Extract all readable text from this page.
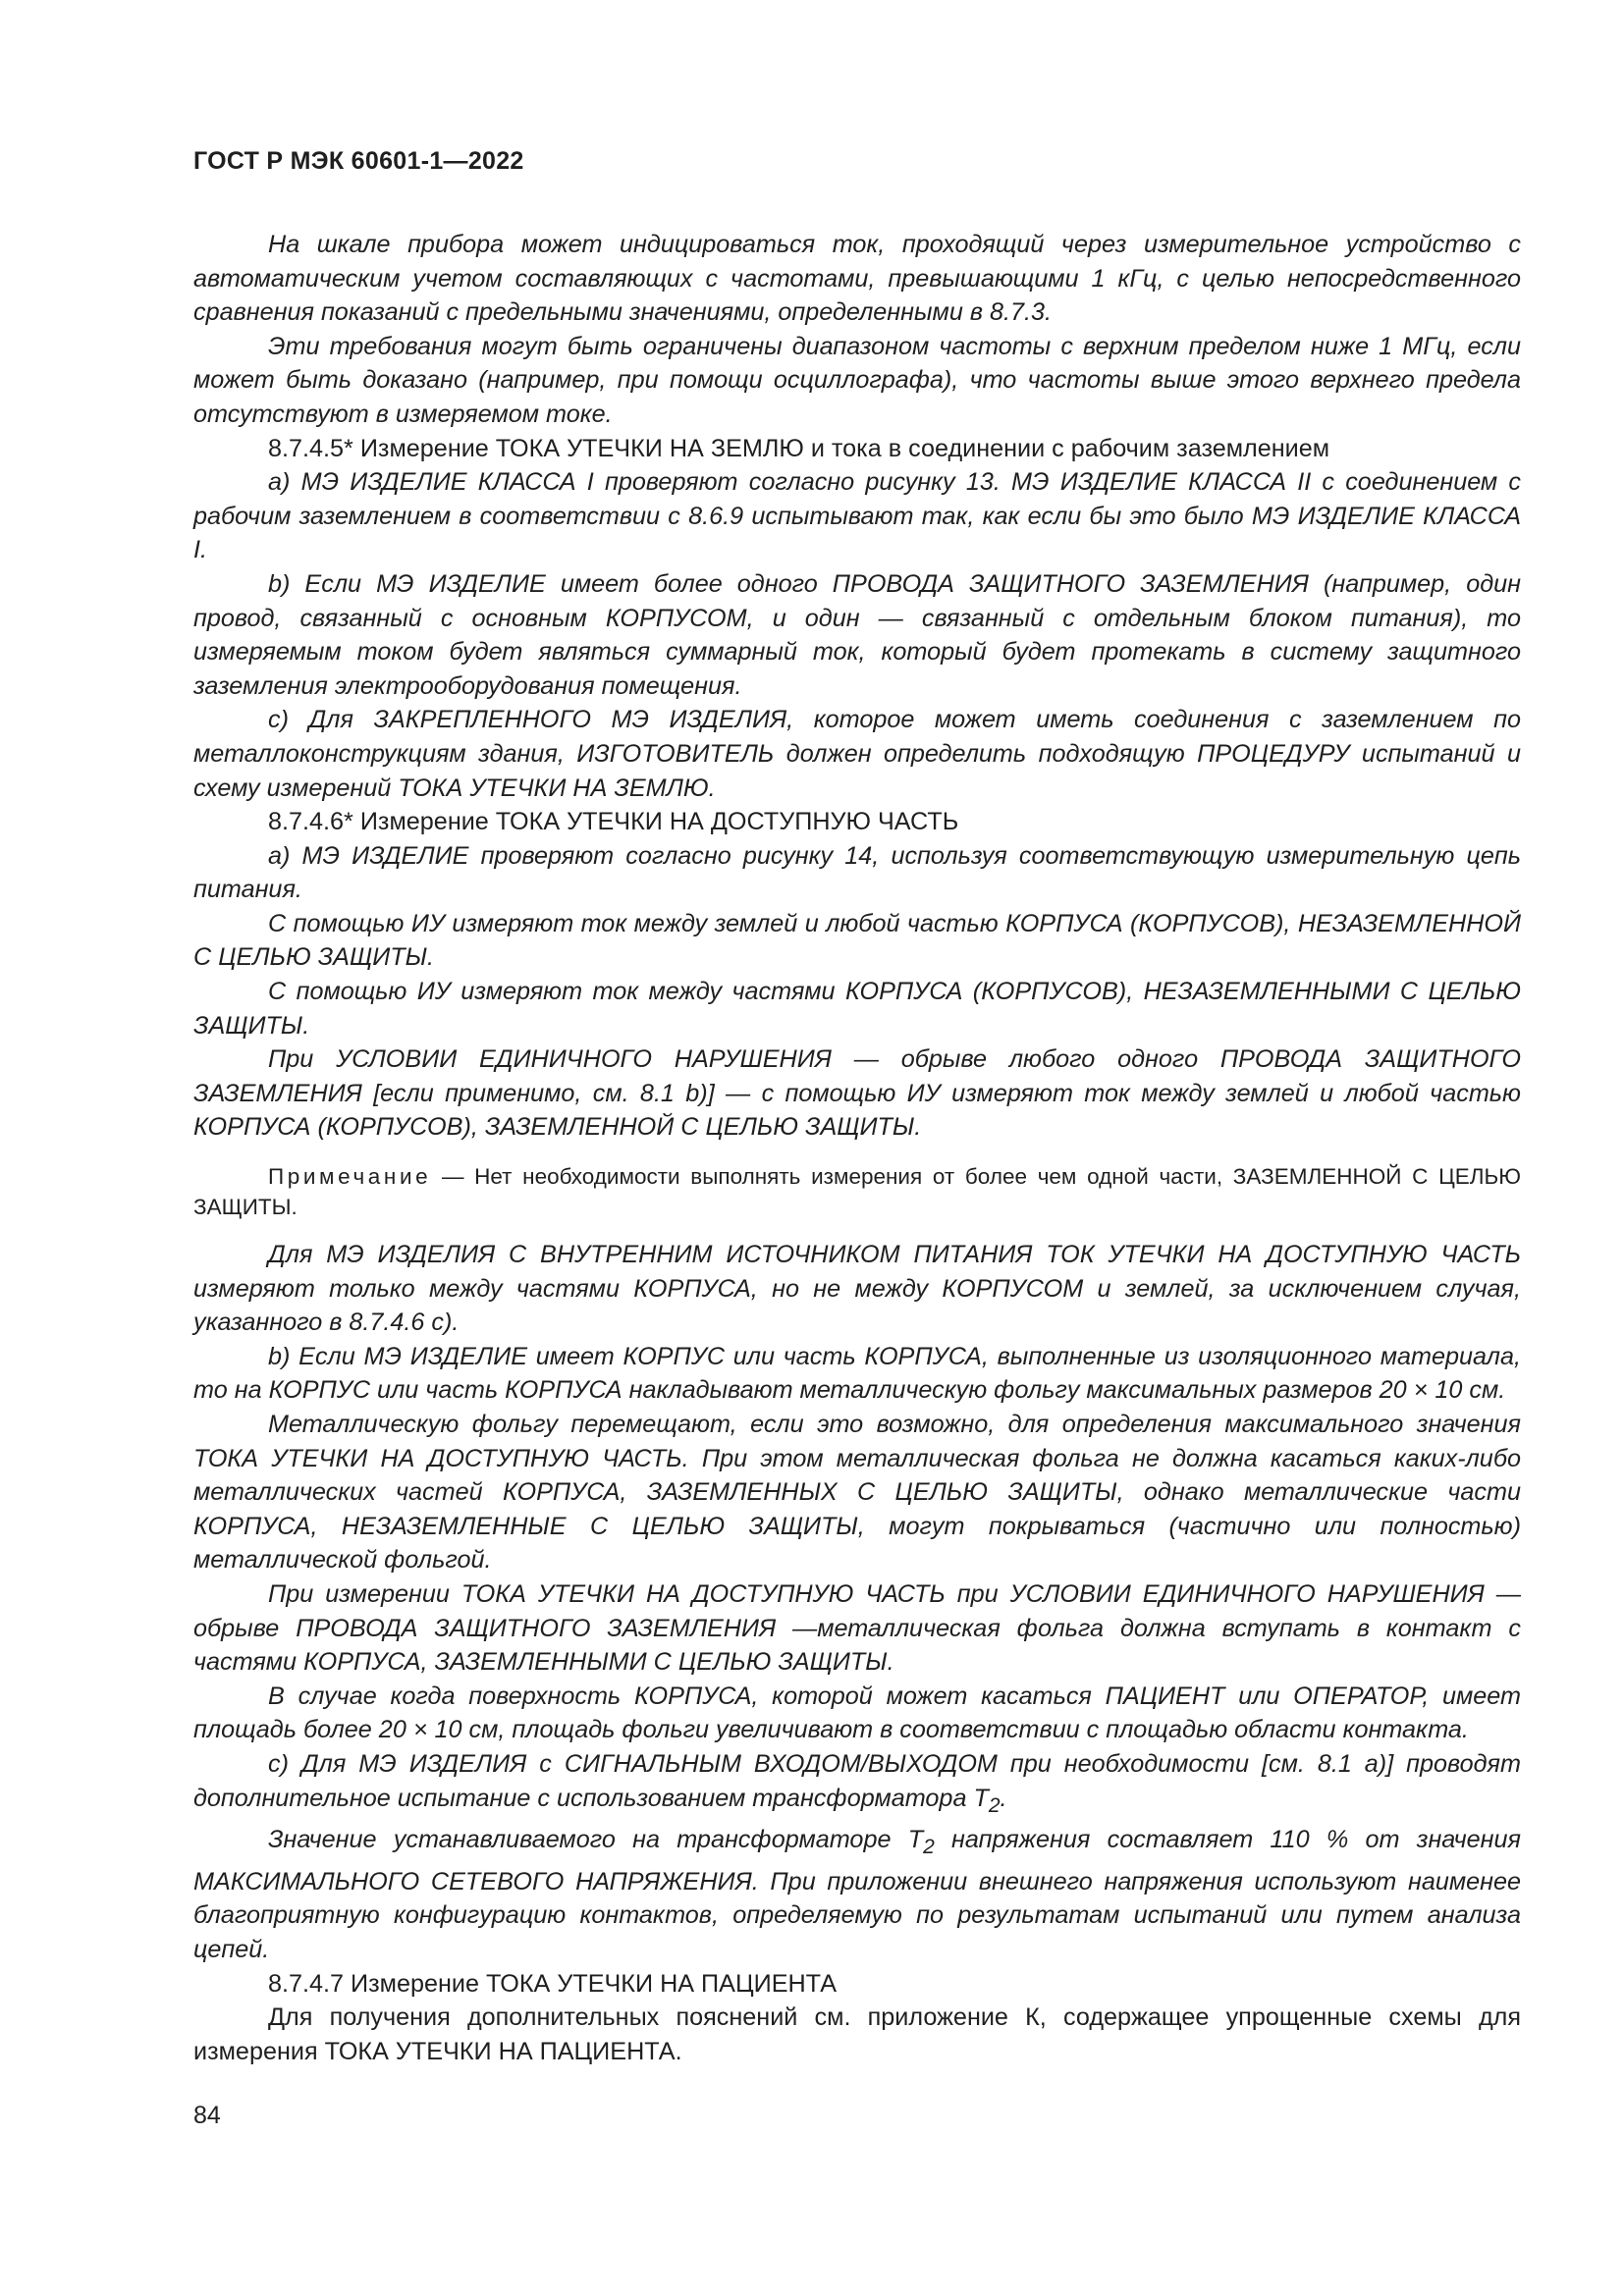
ГОСТ Р МЭК 60601-1—2022

На шкале прибора может индицироваться ток, проходящий через измерительное устройство с автоматическим учетом составляющих с частотами, превышающими 1 кГц, с целью непосредственного сравнения показаний с предельными значениями, определенными в 8.7.3.

Эти требования могут быть ограничены диапазоном частоты с верхним пределом ниже 1 МГц, если может быть доказано (например, при помощи осциллографа), что частоты выше этого верхнего предела отсутствуют в измеряемом токе.

8.7.4.5* Измерение ТОКА УТЕЧКИ НА ЗЕМЛЮ и тока в соединении с рабочим заземлением

а) МЭ ИЗДЕЛИЕ КЛАССА I проверяют согласно рисунку 13. МЭ ИЗДЕЛИЕ КЛАССА II с соединением с рабочим заземлением в соответствии с 8.6.9 испытывают так, как если бы это было МЭ ИЗДЕЛИЕ КЛАССА I.

b) Если МЭ ИЗДЕЛИЕ имеет более одного ПРОВОДА ЗАЩИТНОГО ЗАЗЕМЛЕНИЯ (например, один провод, связанный с основным КОРПУСОМ, и один — связанный с отдельным блоком питания), то измеряемым током будет являться суммарный ток, который будет протекать в систему защитного заземления электрооборудования помещения.

с) Для ЗАКРЕПЛЕННОГО МЭ ИЗДЕЛИЯ, которое может иметь соединения с заземлением по металлоконструкциям здания, ИЗГОТОВИТЕЛЬ должен определить подходящую ПРОЦЕДУРУ испытаний и схему измерений ТОКА УТЕЧКИ НА ЗЕМЛЮ.

8.7.4.6* Измерение ТОКА УТЕЧКИ НА ДОСТУПНУЮ ЧАСТЬ

а) МЭ ИЗДЕЛИЕ проверяют согласно рисунку 14, используя соответствующую измерительную цепь питания.

С помощью ИУ измеряют ток между землей и любой частью КОРПУСА (КОРПУСОВ), НЕЗАЗЕМЛЕННОЙ С ЦЕЛЬЮ ЗАЩИТЫ.

С помощью ИУ измеряют ток между частями КОРПУСА (КОРПУСОВ), НЕЗАЗЕМЛЕННЫМИ С ЦЕЛЬЮ ЗАЩИТЫ.

При УСЛОВИИ ЕДИНИЧНОГО НАРУШЕНИЯ — обрыве любого одного ПРОВОДА ЗАЩИТНОГО ЗАЗЕМЛЕНИЯ [если применимо, см. 8.1 b)] — с помощью ИУ измеряют ток между землей и любой частью КОРПУСА (КОРПУСОВ), ЗАЗЕМЛЕННОЙ С ЦЕЛЬЮ ЗАЩИТЫ.

Примечание — Нет необходимости выполнять измерения от более чем одной части, ЗАЗЕМЛЕННОЙ С ЦЕЛЬЮ ЗАЩИТЫ.

Для МЭ ИЗДЕЛИЯ С ВНУТРЕННИМ ИСТОЧНИКОМ ПИТАНИЯ ТОК УТЕЧКИ НА ДОСТУПНУЮ ЧАСТЬ измеряют только между частями КОРПУСА, но не между КОРПУСОМ и землей, за исключением случая, указанного в 8.7.4.6 с).

b) Если МЭ ИЗДЕЛИЕ имеет КОРПУС или часть КОРПУСА, выполненные из изоляционного материала, то на КОРПУС или часть КОРПУСА накладывают металлическую фольгу максимальных размеров 20 × 10 см.

Металлическую фольгу перемещают, если это возможно, для определения максимального значения ТОКА УТЕЧКИ НА ДОСТУПНУЮ ЧАСТЬ. При этом металлическая фольга не должна касаться каких-либо металлических частей КОРПУСА, ЗАЗЕМЛЕННЫХ С ЦЕЛЬЮ ЗАЩИТЫ, однако металлические части КОРПУСА, НЕЗАЗЕМЛЕННЫЕ С ЦЕЛЬЮ ЗАЩИТЫ, могут покрываться (частично или полностью) металлической фольгой.

При измерении ТОКА УТЕЧКИ НА ДОСТУПНУЮ ЧАСТЬ при УСЛОВИИ ЕДИНИЧНОГО НАРУШЕНИЯ — обрыве ПРОВОДА ЗАЩИТНОГО ЗАЗЕМЛЕНИЯ —металлическая фольга должна вступать в контакт с частями КОРПУСА, ЗАЗЕМЛЕННЫМИ С ЦЕЛЬЮ ЗАЩИТЫ.

В случае когда поверхность КОРПУСА, которой может касаться ПАЦИЕНТ или ОПЕРАТОР, имеет площадь более 20 × 10 см, площадь фольги увеличивают в соответствии с площадью области контакта.

с) Для МЭ ИЗДЕЛИЯ с СИГНАЛЬНЫМ ВХОДОМ/ВЫХОДОМ при необходимости [см. 8.1 а)] проводят дополнительное испытание с использованием трансформатора $Т_2$.

Значение устанавливаемого на трансформаторе $Т_2$ напряжения составляет 110 % от значения МАКСИМАЛЬНОГО СЕТЕВОГО НАПРЯЖЕНИЯ. При приложении внешнего напряжения используют наименее благоприятную конфигурацию контактов, определяемую по результатам испытаний или путем анализа цепей.

8.7.4.7 Измерение ТОКА УТЕЧКИ НА ПАЦИЕНТА

Для получения дополнительных пояснений см. приложение К, содержащее упрощенные схемы для измерения ТОКА УТЕЧКИ НА ПАЦИЕНТА.

84
